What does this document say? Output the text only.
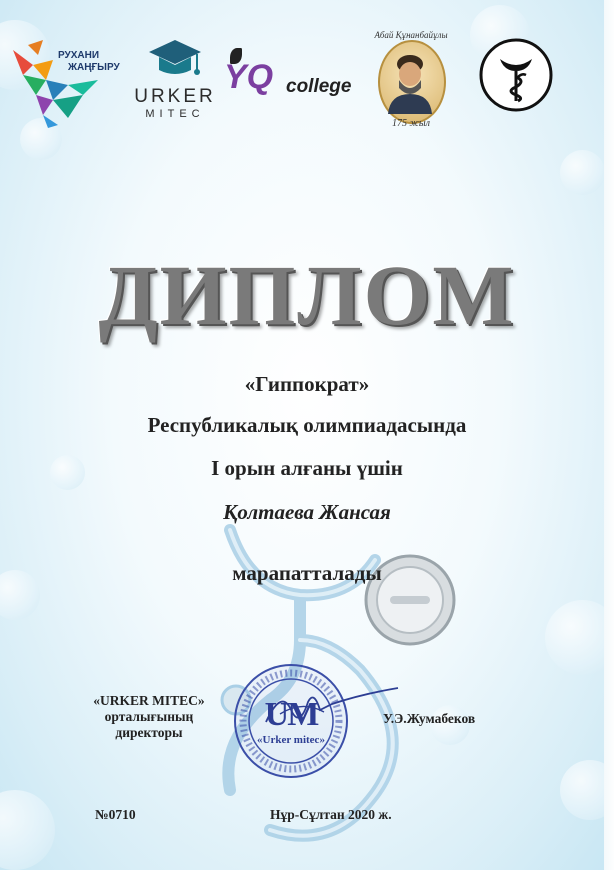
РУХАНИ
ЖАҢҒЫРУ
URKER
MITEC
YQ college
Абай Құнанбайұлы
175 жыл
ДИПЛОМ
«Гиппократ»
Республикалық олимпиадасында
І орын алғаны үшін
Қолтаева Жансая
марапатталады
«URKER MITEC»
орталығының
директоры
У.Э.Жумабеков
UM
«Urker mitec»
№0710	Нұр-Сұлтан 2020 ж.
